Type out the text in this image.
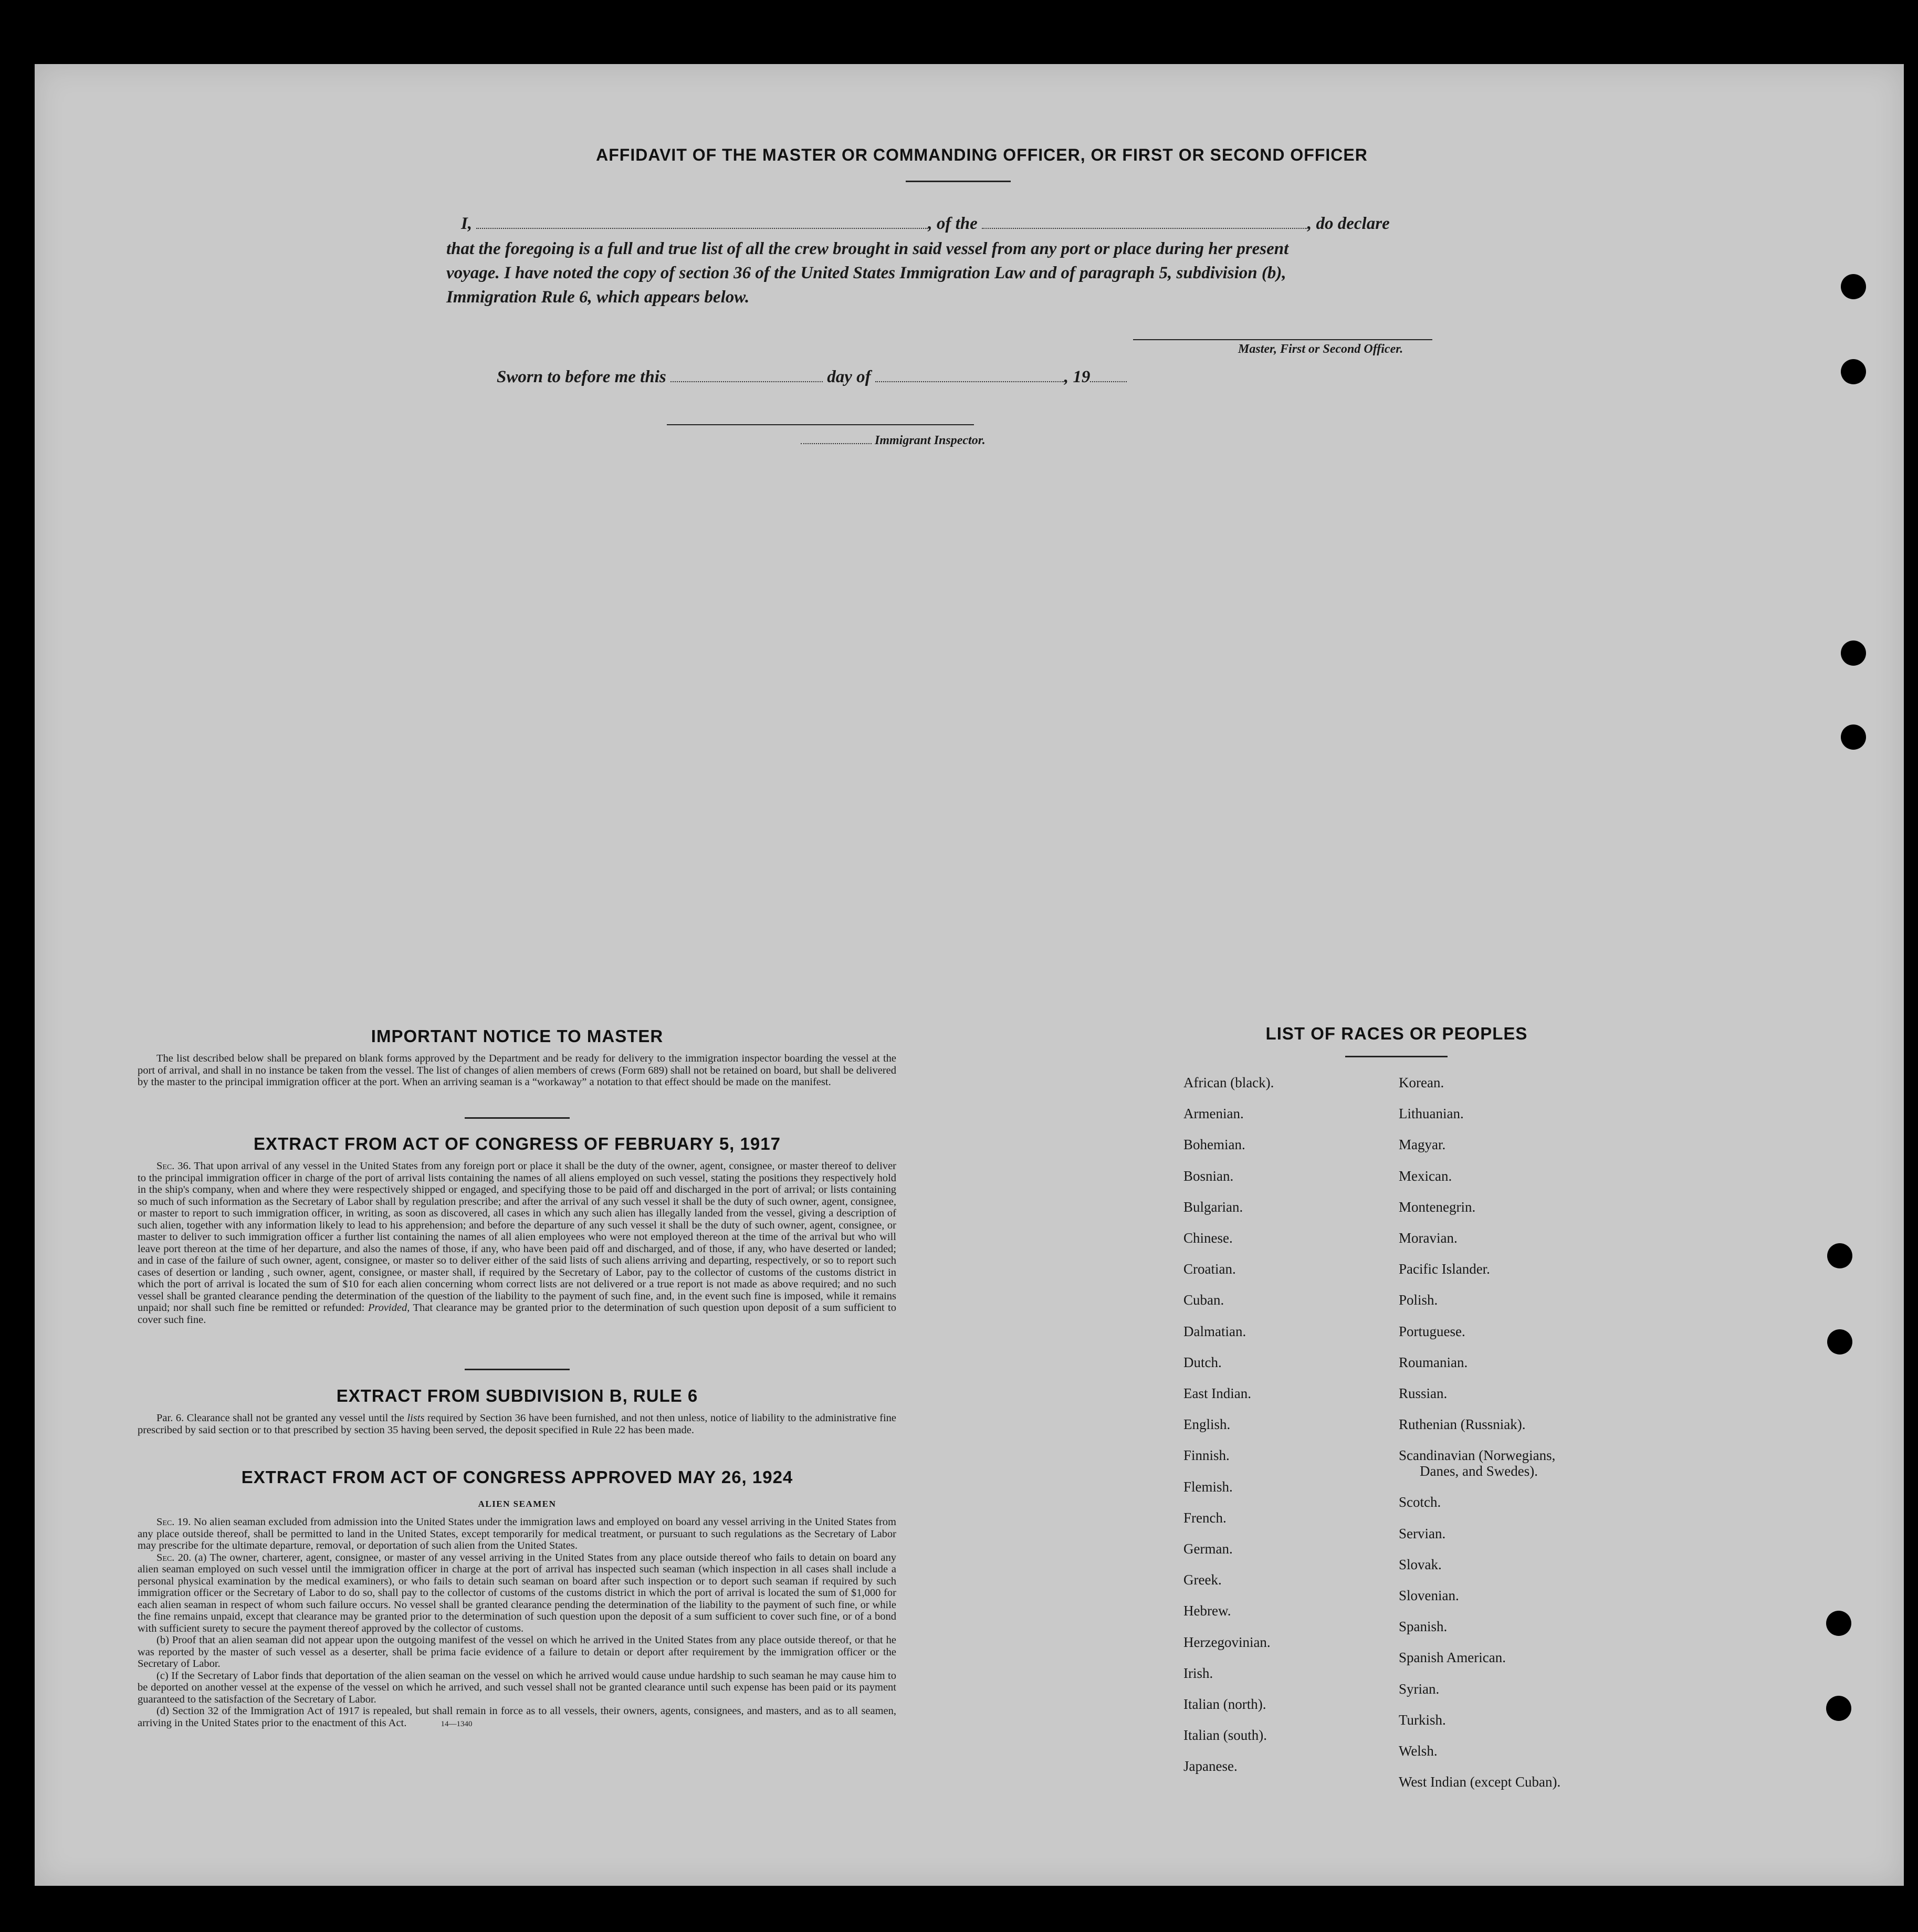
AFFIDAVIT OF THE MASTER OR COMMANDING OFFICER, OR FIRST OR SECOND OFFICER
I,	, of the	, do declare
that the foregoing is a full and true list of all the crew brought in said vessel from any port or place during her present
voyage. I have noted the copy of section 36 of the United States Immigration Law and of paragraph 5, subdivision (b),
Immigration Rule 6, which appears below.
Master, First or Second Officer.
Sworn to before me this	day of	, 19
Immigrant Inspector.
IMPORTANT NOTICE TO MASTER

The list described below shall be prepared on blank forms approved by the Department and be ready for delivery to the immigration inspector boarding the vessel at the port of arrival, and shall in no instance be taken from the vessel. The list of changes of alien members of crews (Form 689) shall not be retained on board, but shall be delivered by the master to the principal immigration officer at the port. When an arriving seaman is a “workaway” a notation to that effect should be made on the manifest.

EXTRACT FROM ACT OF CONGRESS OF FEBRUARY 5, 1917

Sec. 36. That upon arrival of any vessel in the United States from any foreign port or place it shall be the duty of the owner, agent, consignee, or master thereof to deliver to the principal immigration officer in charge of the port of arrival lists containing the names of all aliens employed on such vessel, stating the positions they respectively hold in the ship's company, when and where they were respectively shipped or engaged, and specifying those to be paid off and discharged in the port of arrival; or lists containing so much of such information as the Secretary of Labor shall by regulation prescribe; and after the arrival of any such vessel it shall be the duty of such owner, agent, consignee, or master to report to such immigration officer, in writing, as soon as discovered, all cases in which any such alien has illegally landed from the vessel, giving a description of such alien, together with any information likely to lead to his apprehension; and before the departure of any such vessel it shall be the duty of such owner, agent, consignee, or master to deliver to such immigration officer a further list containing the names of all alien employees who were not employed thereon at the time of the arrival but who will leave port thereon at the time of her departure, and also the names of those, if any, who have been paid off and discharged, and of those, if any, who have deserted or landed; and in case of the failure of such owner, agent, consignee, or master so to deliver either of the said lists of such aliens arriving and departing, respectively, or so to report such cases of desertion or landing , such owner, agent, consignee, or master shall, if required by the Secretary of Labor, pay to the collector of customs of the customs district in which the port of arrival is located the sum of $10 for each alien concerning whom correct lists are not delivered or a true report is not made as above required; and no such vessel shall be granted clearance pending the determination of the question of the liability to the payment of such fine, and, in the event such fine is imposed, while it remains unpaid; nor shall such fine be remitted or refunded: Provided, That clearance may be granted prior to the determination of such question upon deposit of a sum sufficient to cover such fine.

EXTRACT FROM SUBDIVISION B, RULE 6

Par. 6. Clearance shall not be granted any vessel until the lists required by Section 36 have been furnished, and not then unless, notice of liability to the administrative fine prescribed by said section or to that prescribed by section 35 having been served, the deposit specified in Rule 22 has been made.

EXTRACT FROM ACT OF CONGRESS APPROVED MAY 26, 1924
ALIEN SEAMEN

Sec. 19. No alien seaman excluded from admission into the United States under the immigration laws and employed on board any vessel arriving in the United States from any place outside thereof, shall be permitted to land in the United States, except temporarily for medical treatment, or pursuant to such regulations as the Secretary of Labor may prescribe for the ultimate departure, removal, or deportation of such alien from the United States.

Sec. 20. (a) The owner, charterer, agent, consignee, or master of any vessel arriving in the United States from any place outside thereof who fails to detain on board any alien seaman employed on such vessel until the immigration officer in charge at the port of arrival has inspected such seaman (which inspection in all cases shall include a personal physical examination by the medical examiners), or who fails to detain such seaman on board after such inspection or to deport such seaman if required by such immigration officer or the Secretary of Labor to do so, shall pay to the collector of customs of the customs district in which the port of arrival is located the sum of $1,000 for each alien seaman in respect of whom such failure occurs. No vessel shall be granted clearance pending the determination of the liability to the payment of such fine, or while the fine remains unpaid, except that clearance may be granted prior to the determination of such question upon the deposit of a sum sufficient to cover such fine, or of a bond with sufficient surety to secure the payment thereof approved by the collector of customs.

(b) Proof that an alien seaman did not appear upon the outgoing manifest of the vessel on which he arrived in the United States from any place outside thereof, or that he was reported by the master of such vessel as a deserter, shall be prima facie evidence of a failure to detain or deport after requirement by the immigration officer or the Secretary of Labor.

(c) If the Secretary of Labor finds that deportation of the alien seaman on the vessel on which he arrived would cause undue hardship to such seaman he may cause him to be deported on another vessel at the expense of the vessel on which he arrived, and such vessel shall not be granted clearance until such expense has been paid or its payment guaranteed to the satisfaction of the Secretary of Labor.

(d) Section 32 of the Immigration Act of 1917 is repealed, but shall remain in force as to all vessels, their owners, agents, consignees, and masters, and as to all seamen, arriving in the United States prior to the enactment of this Act.	14—1340

LIST OF RACES OR PEOPLES
African (black).
Armenian.
Bohemian.
Bosnian.
Bulgarian.
Chinese.
Croatian.
Cuban.
Dalmatian.
Dutch.
East Indian.
English.
Finnish.
Flemish.
French.
German.
Greek.
Hebrew.
Herzegovinian.
Irish.
Italian (north).
Italian (south).
Japanese.
Korean.
Lithuanian.
Magyar.
Mexican.
Montenegrin.
Moravian.
Pacific Islander.
Polish.
Portuguese.
Roumanian.
Russian.
Ruthenian (Russniak).
Scandinavian (Norwegians,
Danes, and Swedes).
Scotch.
Servian.
Slovak.
Slovenian.
Spanish.
Spanish American.
Syrian.
Turkish.
Welsh.
West Indian (except Cuban).
